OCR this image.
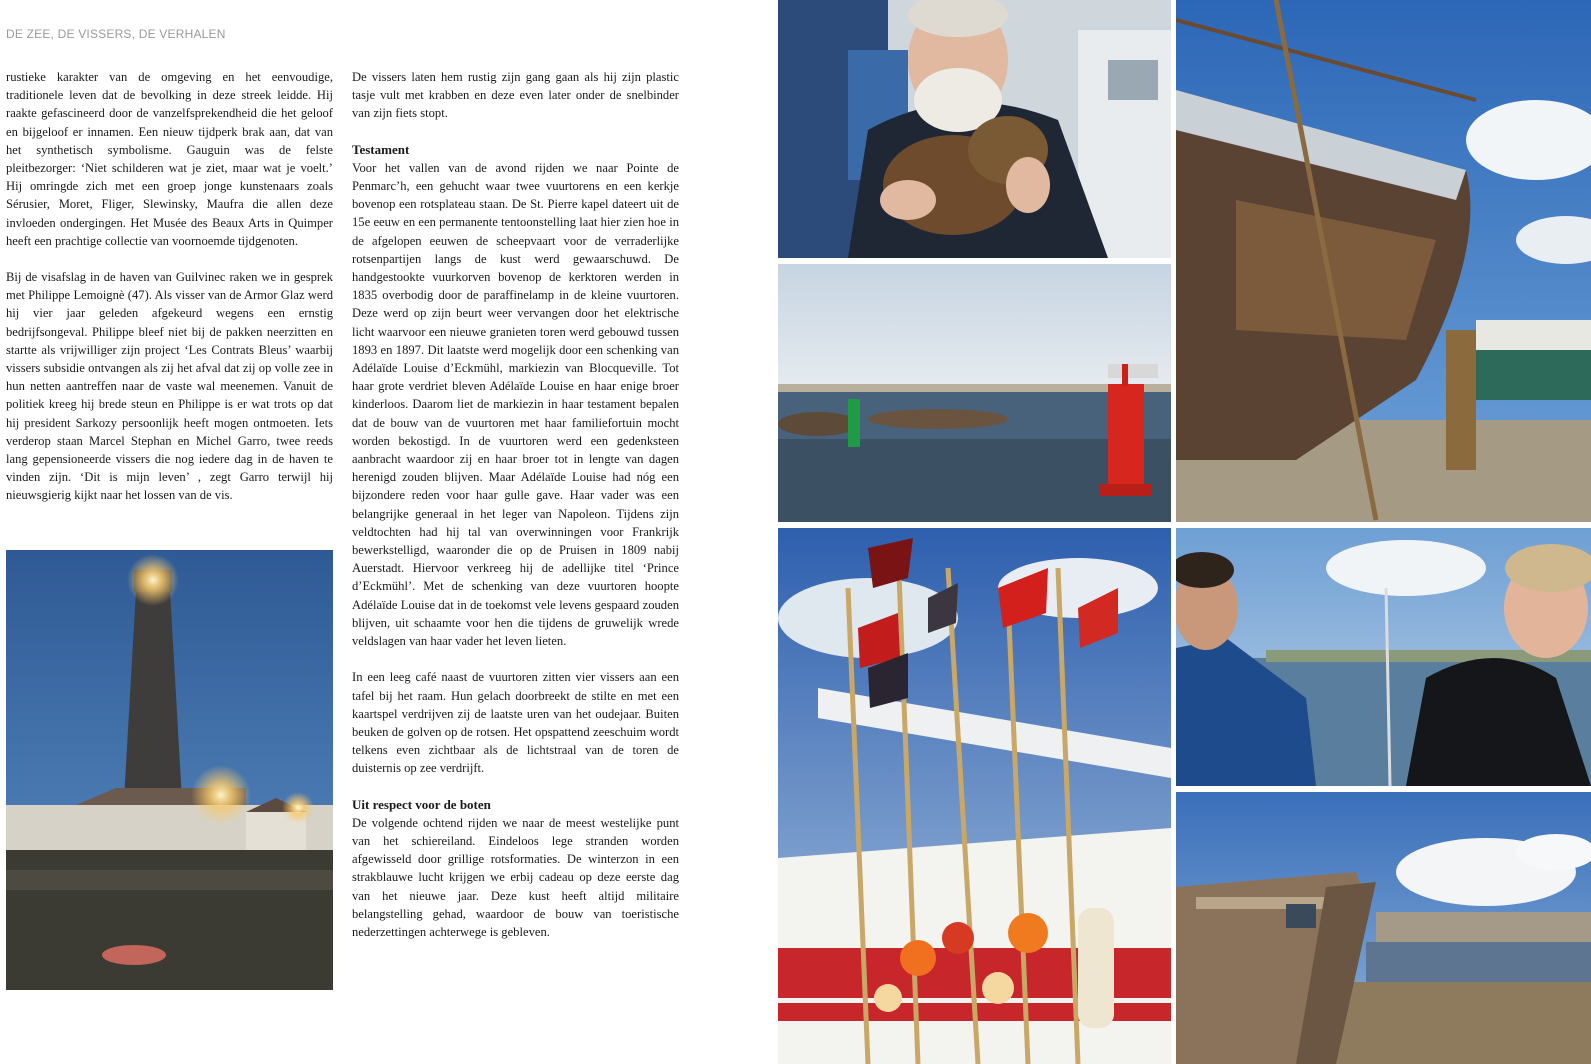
DE ZEE, DE VISSERS, DE VERHALEN

rustieke karakter van de omgeving en het eenvoudige, traditionele leven dat de bevolking in deze streek leidde. Hij raakte gefascineerd door de vanzelfsprekendheid die het geloof en bijgeloof er innamen. Een nieuw tijdperk brak aan, dat van het synthetisch symbolisme. Gauguin was de felste pleitbezorger: ‘Niet schilderen wat je ziet, maar wat je voelt.’ Hij omringde zich met een groep jonge kunstenaars zoals Sérusier, Moret, Fliger, Slewinsky, Maufra die allen deze invloeden ondergingen. Het Musée des Beaux Arts in Quimper heeft een prachtige collectie van voornoemde tijdgenoten.

Bij de visafslag in de haven van Guilvinec raken we in gesprek met Philippe Lemoignè (47). Als visser van de Armor Glaz werd hij vier jaar geleden afgekeurd wegens een ernstig bedrijfsongeval. Philippe bleef niet bij de pakken neerzitten en startte als vrijwilliger zijn project ‘Les Contrats Bleus’ waarbij vissers subsidie ontvangen als zij het afval dat zij op volle zee in hun netten aantreffen naar de vaste wal meenemen. Vanuit de politiek kreeg hij brede steun en Philippe is er wat trots op dat hij president Sarkozy persoonlijk heeft mogen ontmoeten. Iets verderop staan Marcel Stephan en Michel Garro, twee reeds lang gepensioneerde vissers die nog iedere dag in de haven te vinden zijn. ‘Dit is mijn leven’ , zegt Garro terwijl hij nieuwsgierig kijkt naar het lossen van de vis.

De vissers laten hem rustig zijn gang gaan als hij zijn plastic tasje vult met krabben en deze even later onder de snelbinder van zijn fiets stopt.

Testament

Voor het vallen van de avond rijden we naar Pointe de Penmarc’h, een gehucht waar twee vuurtorens en een kerkje bovenop een rotsplateau staan. De St. Pierre kapel dateert uit de 15e eeuw en een permanente tentoonstelling laat hier zien hoe in de afgelopen eeuwen de scheepvaart voor de verraderlijke rotsenpartijen langs de kust werd gewaarschuwd. De handgestookte vuurkorven bovenop de kerktoren werden in 1835 overbodig door de paraffinelamp in de kleine vuurtoren. Deze werd op zijn beurt weer vervangen door het elektrische licht waarvoor een nieuwe granieten toren werd gebouwd tussen 1893 en 1897. Dit laatste werd mogelijk door een schenking van Adélaïde Louise d’Eckmühl, markiezin van Blocqueville. Tot haar grote verdriet bleven Adélaïde Louise en haar enige broer kinderloos. Daarom liet de markiezin in haar testament bepalen dat de bouw van de vuurtoren met haar familiefortuin mocht worden bekostigd. In de vuurtoren werd een gedenksteen aanbracht waardoor zij en haar broer tot in lengte van dagen herenigd zouden blijven. Maar Adélaïde Louise had nóg een bijzondere reden voor haar gulle gave. Haar vader was een belangrijke generaal in het leger van Napoleon. Tijdens zijn veldtochten had hij tal van overwinningen voor Frankrijk bewerkstelligd, waaronder die op de Pruisen in 1809 nabij Auerstadt. Hiervoor verkreeg hij de adellijke titel ‘Prince d’Eckmühl’. Met de schenking van deze vuurtoren hoopte Adélaïde Louise dat in de toekomst vele levens gespaard zouden blijven, uit schaamte voor hen die tijdens de gruwelijk wrede veldslagen van haar vader het leven lieten.

In een leeg café naast de vuurtoren zitten vier vissers aan een tafel bij het raam. Hun gelach doorbreekt de stilte en met een kaartspel verdrijven zij de laatste uren van het oudejaar. Buiten beuken de golven op de rotsen. Het opspattend zeeschuim wordt telkens even zichtbaar als de lichtstraal van de toren de duisternis op zee verdrijft.

Uit respect voor de boten

De volgende ochtend rijden we naar de meest westelijke punt van het schiereiland. Eindeloos lege stranden worden afgewisseld door grillige rotsformaties. De winterzon in een strakblauwe lucht krijgen we erbij cadeau op deze eerste dag van het nieuwe jaar. Deze kust heeft altijd militaire belangstelling gehad, waardoor de bouw van toeristische nederzettingen achterwege is gebleven.
